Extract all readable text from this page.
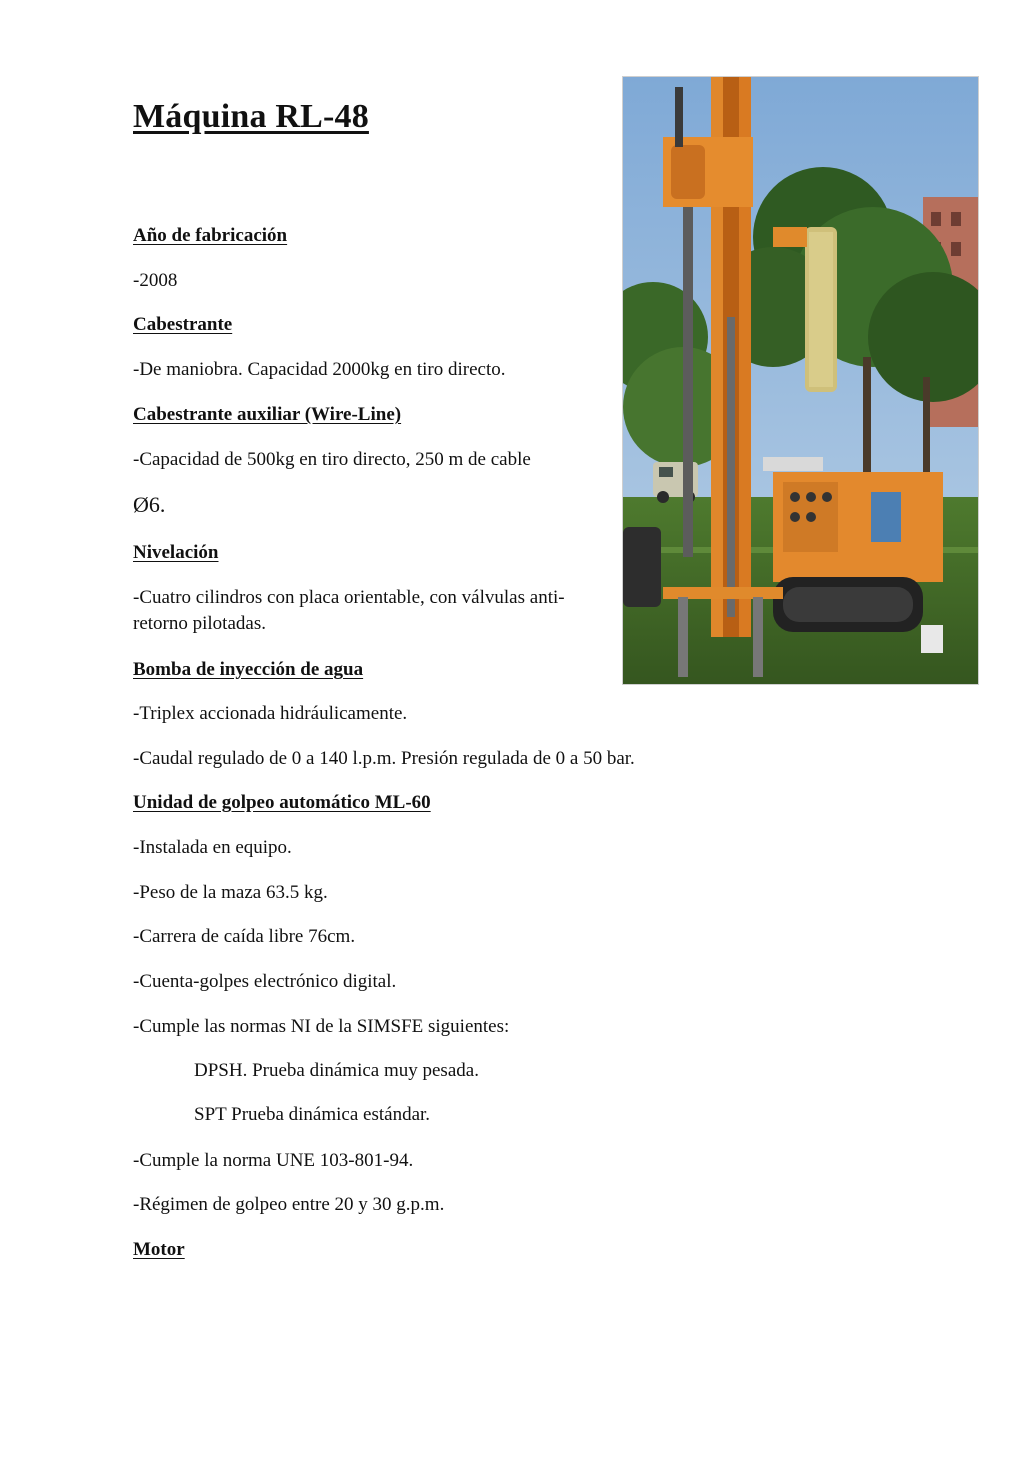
Máquina RL-48
Año de fabricación
-2008
Cabestrante
-De maniobra. Capacidad 2000kg en tiro directo.
Cabestrante auxiliar (Wire-Line)
-Capacidad de 500kg en tiro directo, 250 m de cable
Ø6.
Nivelación
-Cuatro cilindros con placa orientable, con válvulas anti-
retorno pilotadas.
Bomba de inyección de agua
-Triplex accionada hidráulicamente.
-Caudal regulado de 0 a 140 l.p.m. Presión regulada de 0 a 50 bar.
Unidad de golpeo automático ML-60
-Instalada en equipo.
-Peso de la maza 63.5 kg.
-Carrera de caída libre 76cm.
-Cuenta-golpes electrónico digital.
-Cumple las normas NI de la SIMSFE siguientes:
DPSH. Prueba dinámica muy pesada.
SPT Prueba dinámica estándar.
-Cumple la norma UNE 103-801-94.
-Régimen de golpeo entre 20 y 30 g.p.m.
Motor
